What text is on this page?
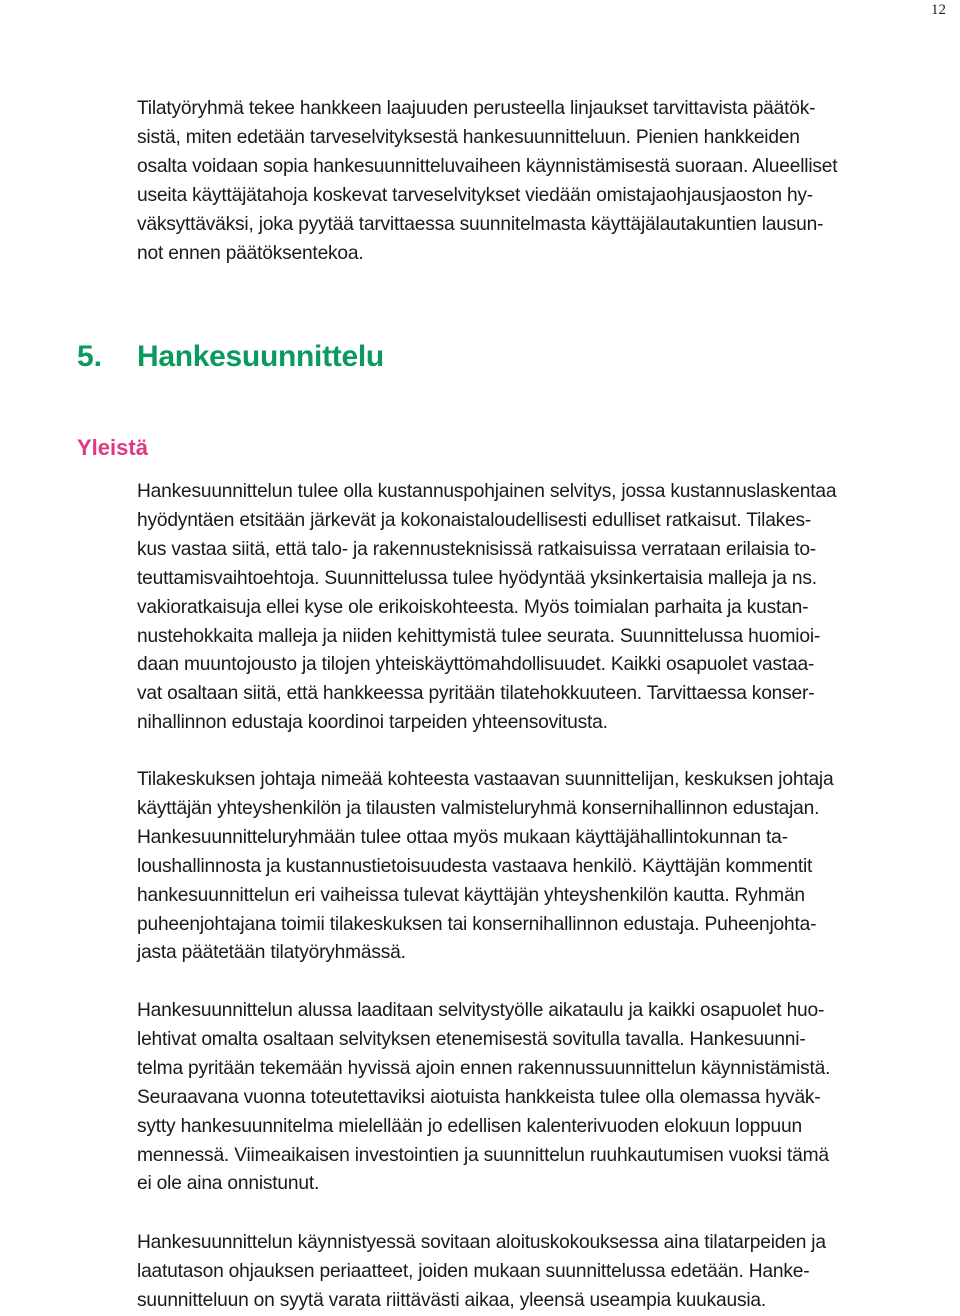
12

Tilatyöryhmä tekee hankkeen laajuuden perusteella linjaukset tarvittavista päätök-
sistä, miten edetään tarveselvityksestä hankesuunnitteluun. Pienien hankkeiden
osalta voidaan sopia hankesuunnitteluvaiheen käynnistämisestä suoraan. Alueelliset
useita käyttäjätahoja koskevat tarveselvitykset viedään omistajaohjausjaoston hy-
väksyttäväksi, joka pyytää tarvittaessa suunnitelmasta käyttäjälautakuntien lausun-
not ennen päätöksentekoa.

5. Hankesuunnittelu
Yleistä

Hankesuunnittelun tulee olla kustannuspohjainen selvitys, jossa kustannuslaskentaa
hyödyntäen etsitään järkevät ja kokonaistaloudellisesti edulliset ratkaisut. Tilakes-
kus vastaa siitä, että talo- ja rakennusteknisissä ratkaisuissa verrataan erilaisia to-
teuttamisvaihtoehtoja. Suunnittelussa tulee hyödyntää yksinkertaisia malleja ja ns.
vakioratkaisuja ellei kyse ole erikoiskohteesta. Myös toimialan parhaita ja kustan-
nustehokkaita malleja ja niiden kehittymistä tulee seurata. Suunnittelussa huomioi-
daan muuntojousto ja tilojen yhteiskäyttömahdollisuudet. Kaikki osapuolet vastaa-
vat osaltaan siitä, että hankkeessa pyritään tilatehokkuuteen. Tarvittaessa konser-
nihallinnon edustaja koordinoi tarpeiden yhteensovitusta.

Tilakeskuksen johtaja nimeää kohteesta vastaavan suunnittelijan, keskuksen johtaja
käyttäjän yhteyshenkilön ja tilausten valmisteluryhmä konsernihallinnon edustajan.
Hankesuunnitteluryhmään tulee ottaa myös mukaan käyttäjähallintokunnan ta-
loushallinnosta ja kustannustietoisuudesta vastaava henkilö. Käyttäjän kommentit
hankesuunnittelun eri vaiheissa tulevat käyttäjän yhteyshenkilön kautta. Ryhmän
puheenjohtajana toimii tilakeskuksen tai konsernihallinnon edustaja. Puheenjohta-
jasta päätetään tilatyöryhmässä.

Hankesuunnittelun alussa laaditaan selvitystyölle aikataulu ja kaikki osapuolet huo-
lehtivat omalta osaltaan selvityksen etenemisestä sovitulla tavalla. Hankesuunni-
telma pyritään tekemään hyvissä ajoin ennen rakennussuunnittelun käynnistämistä.
Seuraavana vuonna toteutettaviksi aiotuista hankkeista tulee olla olemassa hyväk-
sytty hankesuunnitelma mielellään jo edellisen kalenterivuoden elokuun loppuun
mennessä. Viimeaikaisen investointien ja suunnittelun ruuhkautumisen vuoksi tämä
ei ole aina onnistunut.

Hankesuunnittelun käynnistyessä sovitaan aloituskokouksessa aina tilatarpeiden ja
laatutason ohjauksen periaatteet, joiden mukaan suunnittelussa edetään. Hanke-
suunnitteluun on syytä varata riittävästi aikaa, yleensä useampia kuukausia.
